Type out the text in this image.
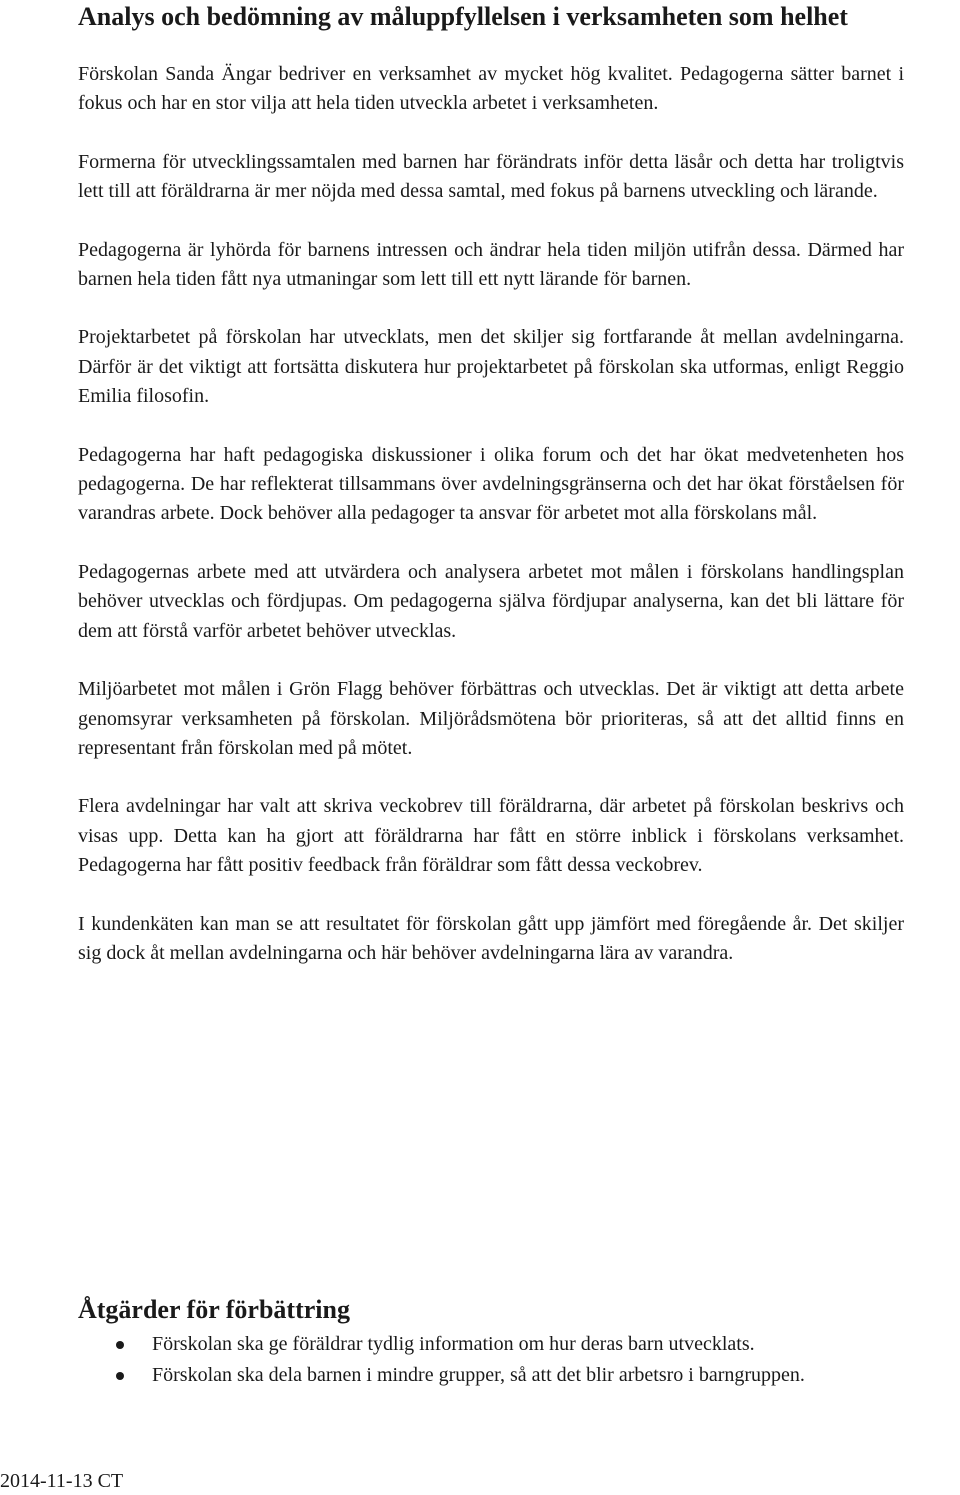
Analys och bedömning av måluppfyllelsen i verksamheten som helhet

Förskolan Sanda Ängar bedriver en verksamhet av mycket hög kvalitet. Pedagogerna sätter barnet i fokus och har en stor vilja att hela tiden utveckla arbetet i verksamheten.

Formerna för utvecklingssamtalen med barnen har förändrats inför detta läsår och detta har troligtvis lett till att föräldrarna är mer nöjda med dessa samtal, med fokus på barnens utveckling och lärande.

Pedagogerna är lyhörda för barnens intressen och ändrar hela tiden miljön utifrån dessa. Därmed har barnen hela tiden fått nya utmaningar som lett till ett nytt lärande för barnen.

Projektarbetet på förskolan har utvecklats, men det skiljer sig fortfarande åt mellan avdelningarna. Därför är det viktigt att fortsätta diskutera hur projektarbetet på förskolan ska utformas, enligt Reggio Emilia filosofin.

Pedagogerna har haft pedagogiska diskussioner i olika forum och det har ökat medvetenheten hos pedagogerna. De har reflekterat tillsammans över avdelningsgränserna och det har ökat förståelsen för varandras arbete. Dock behöver alla pedagoger ta ansvar för arbetet mot alla förskolans mål.

Pedagogernas arbete med att utvärdera och analysera arbetet mot målen i förskolans handlingsplan behöver utvecklas och fördjupas. Om pedagogerna själva fördjupar analyserna, kan det bli lättare för dem att förstå varför arbetet behöver utvecklas.

Miljöarbetet mot målen i Grön Flagg behöver förbättras och utvecklas. Det är viktigt att detta arbete genomsyrar verksamheten på förskolan. Miljörådsmötena bör prioriteras, så att det alltid finns en representant från förskolan med på mötet.

Flera avdelningar har valt att skriva veckobrev till föräldrarna, där arbetet på förskolan beskrivs och visas upp. Detta kan ha gjort att föräldrarna har fått en större inblick i förskolans verksamhet. Pedagogerna har fått positiv feedback från föräldrar som fått dessa veckobrev.

I kundenkäten kan man se att resultatet för förskolan gått upp jämfört med föregående år. Det skiljer sig dock åt mellan avdelningarna och här behöver avdelningarna lära av varandra.

Åtgärder för förbättring
Förskolan ska ge föräldrar tydlig information om hur deras barn utvecklats.
Förskolan ska dela barnen i mindre grupper, så att det blir arbetsro i barngruppen.
2014-11-13 CT
